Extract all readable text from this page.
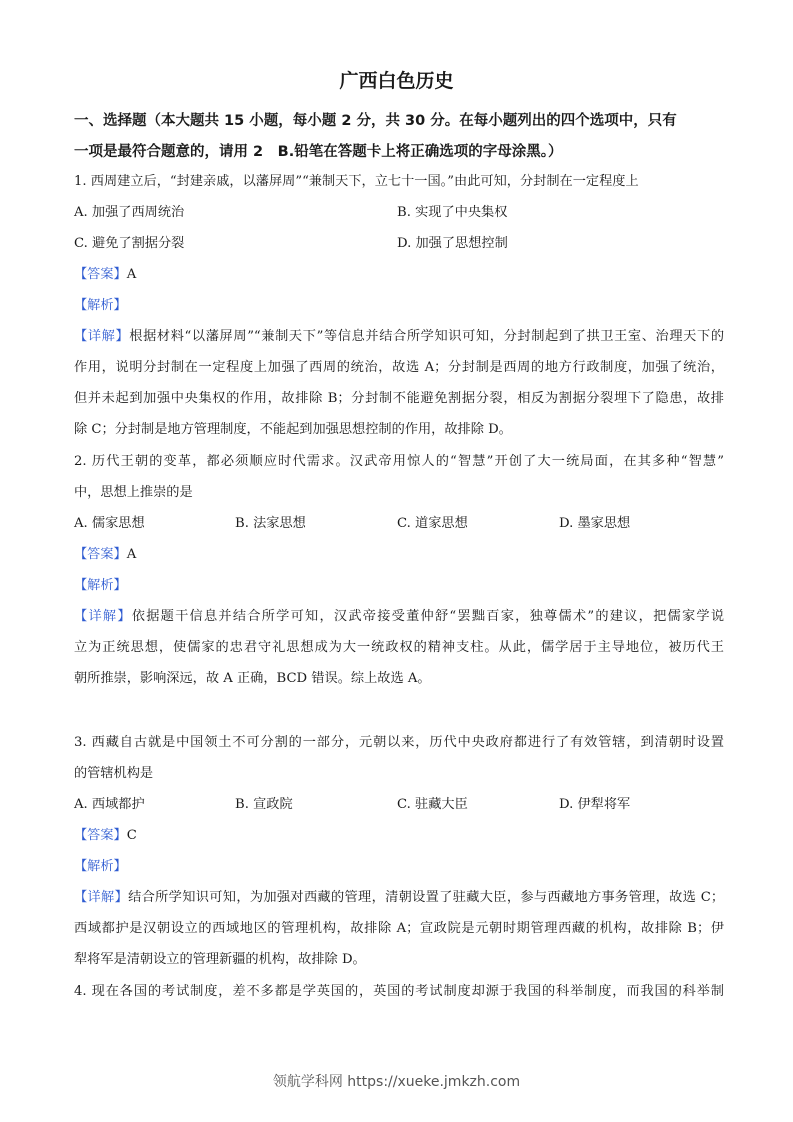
广西白色历史
一、选择题（本大题共 15 小题，每小题 2 分，共 30 分。在每小题列出的四个选项中，只有
一项是最符合题意的，请用 2　B.铅笔在答题卡上将正确选项的字母涂黑。）
1. 西周建立后，“封建亲戚，以藩屏周”“兼制天下，立七十一国。”由此可知，分封制在一定程度上
A. 加强了西周统治	B. 实现了中央集权
C. 避免了割据分裂	D. 加强了思想控制
【答案】A
【解析】
【详解】根据材料“以藩屏周”“兼制天下”等信息并结合所学知识可知，分封制起到了拱卫王室、治理天下的
作用，说明分封制在一定程度上加强了西周的统治，故选 A；分封制是西周的地方行政制度，加强了统治，
但并未起到加强中央集权的作用，故排除 B；分封制不能避免割据分裂，相反为割据分裂埋下了隐患，故排
除 C；分封制是地方管理制度，不能起到加强思想控制的作用，故排除 D。
2. 历代王朝的变革，都必须顺应时代需求。汉武帝用惊人的“智慧”开创了大一统局面，在其多种“智慧”
中，思想上推崇的是
A. 儒家思想	B. 法家思想	C. 道家思想	D. 墨家思想
【答案】A
【解析】
【详解】依据题干信息并结合所学可知，汉武帝接受董仲舒“罢黜百家，独尊儒术”的建议，把儒家学说
立为正统思想，使儒家的忠君守礼思想成为大一统政权的精神支柱。从此，儒学居于主导地位，被历代王
朝所推崇，影响深远，故 A 正确，BCD 错误。综上故选 A。
3. 西藏自古就是中国领土不可分割的一部分，元朝以来，历代中央政府都进行了有效管辖，到清朝时设置
的管辖机构是
A. 西域都护	B. 宣政院	C. 驻藏大臣	D. 伊犁将军
【答案】C
【解析】
【详解】结合所学知识可知，为加强对西藏的管理，清朝设置了驻藏大臣，参与西藏地方事务管理，故选 C；
西域都护是汉朝设立的西域地区的管理机构，故排除 A；宣政院是元朝时期管理西藏的机构，故排除 B；伊
犁将军是清朝设立的管理新疆的机构，故排除 D。
4. 现在各国的考试制度，差不多都是学英国的，英国的考试制度却源于我国的科举制度，而我国的科举制
领航学科网 https://xueke.jmkzh.com
